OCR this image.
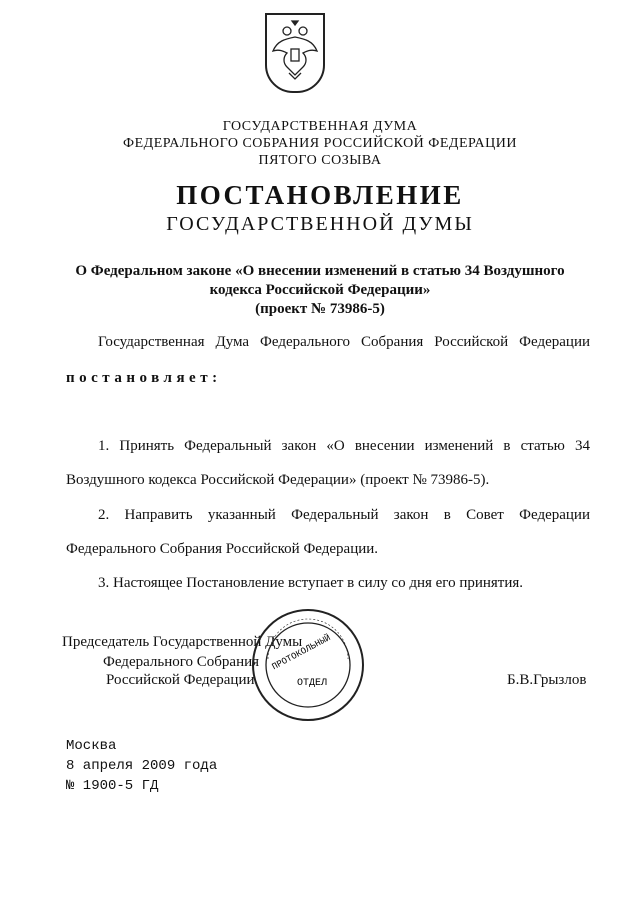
ГОСУДАРСТВЕННАЯ ДУМА
ФЕДЕРАЛЬНОГО СОБРАНИЯ РОССИЙСКОЙ ФЕДЕРАЦИИ
ПЯТОГО СОЗЫВА
ПОСТАНОВЛЕНИЕ
ГОСУДАРСТВЕННОЙ ДУМЫ
О Федеральном законе «О внесении изменений в статью 34 Воздушного
кодекса Российской Федерации»
(проект № 73986-5)
Государственная Дума Федерального Собрания Российской Федерации
постановляет:
1. Принять Федеральный закон «О внесении изменений в статью 34
Воздушного кодекса Российской Федерации» (проект № 73986-5).
2. Направить указанный Федеральный закон в Совет Федерации
Федерального Собрания Российской Федерации.
3. Настоящее Постановление вступает в силу со дня его принятия.
Председатель Государственной Думы
Федерального Собрания
Российской Федерации	Б.В.Грызлов
ПРОТОКОЛЬНЫЙ
ОТДЕЛ
Москва
8 апреля 2009 года
№ 1900-5 ГД
